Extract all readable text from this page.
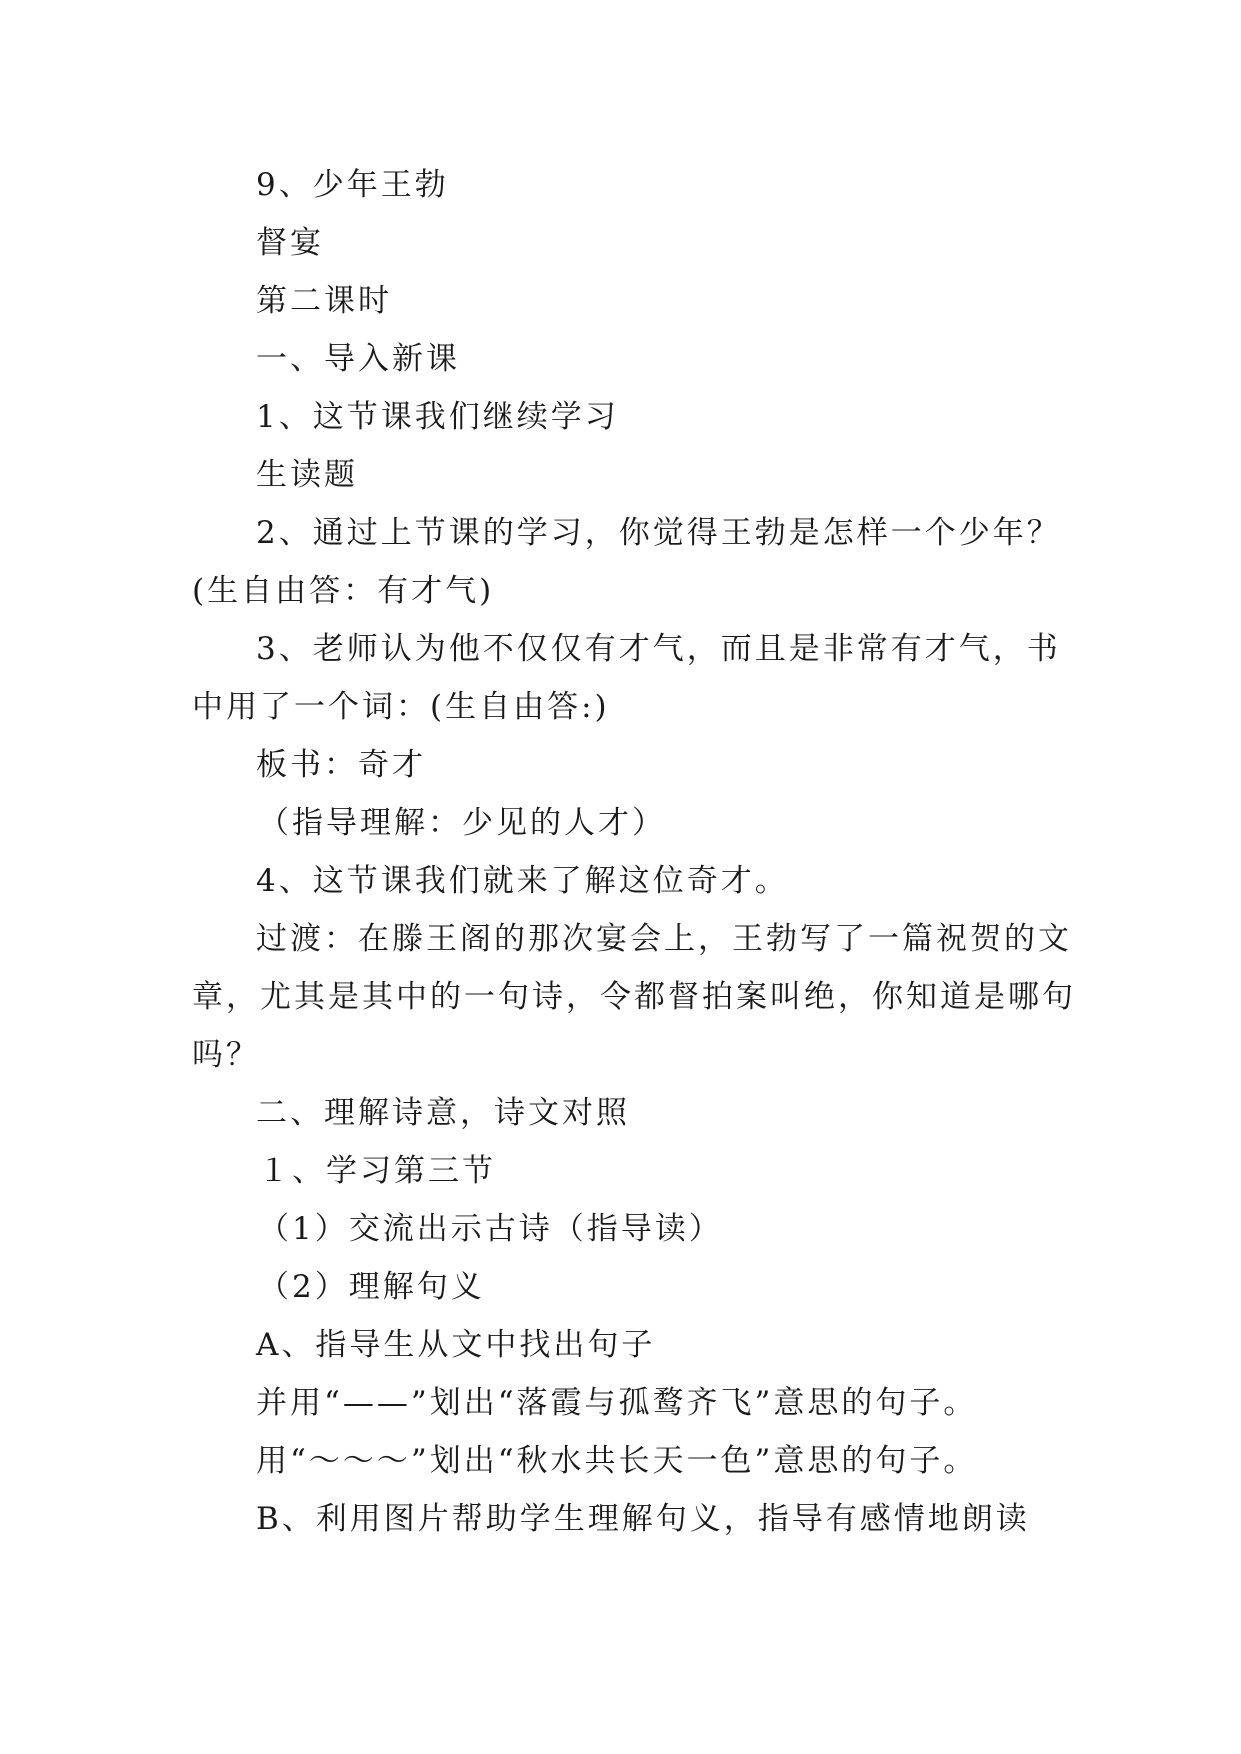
9、少年王勃
督宴
第二课时
一、导入新课
1、这节课我们继续学习
生读题
2、通过上节课的学习，你觉得王勃是怎样一个少年？
(生自由答：有才气)
3、老师认为他不仅仅有才气，而且是非常有才气，书
中用了一个词：(生自由答:)
板书：奇才
（指导理解：少见的人才）
4、这节课我们就来了解这位奇才。
过渡：在滕王阁的那次宴会上，王勃写了一篇祝贺的文
章，尤其是其中的一句诗，令都督拍案叫绝，你知道是哪句
吗？
二、理解诗意，诗文对照
１、学习第三节
（1）交流出示古诗（指导读）
（2）理解句义
A、指导生从文中找出句子
并用“——”划出“落霞与孤鹜齐飞”意思的句子。
用“～～～”划出“秋水共长天一色”意思的句子。
B、利用图片帮助学生理解句义，指导有感情地朗读
